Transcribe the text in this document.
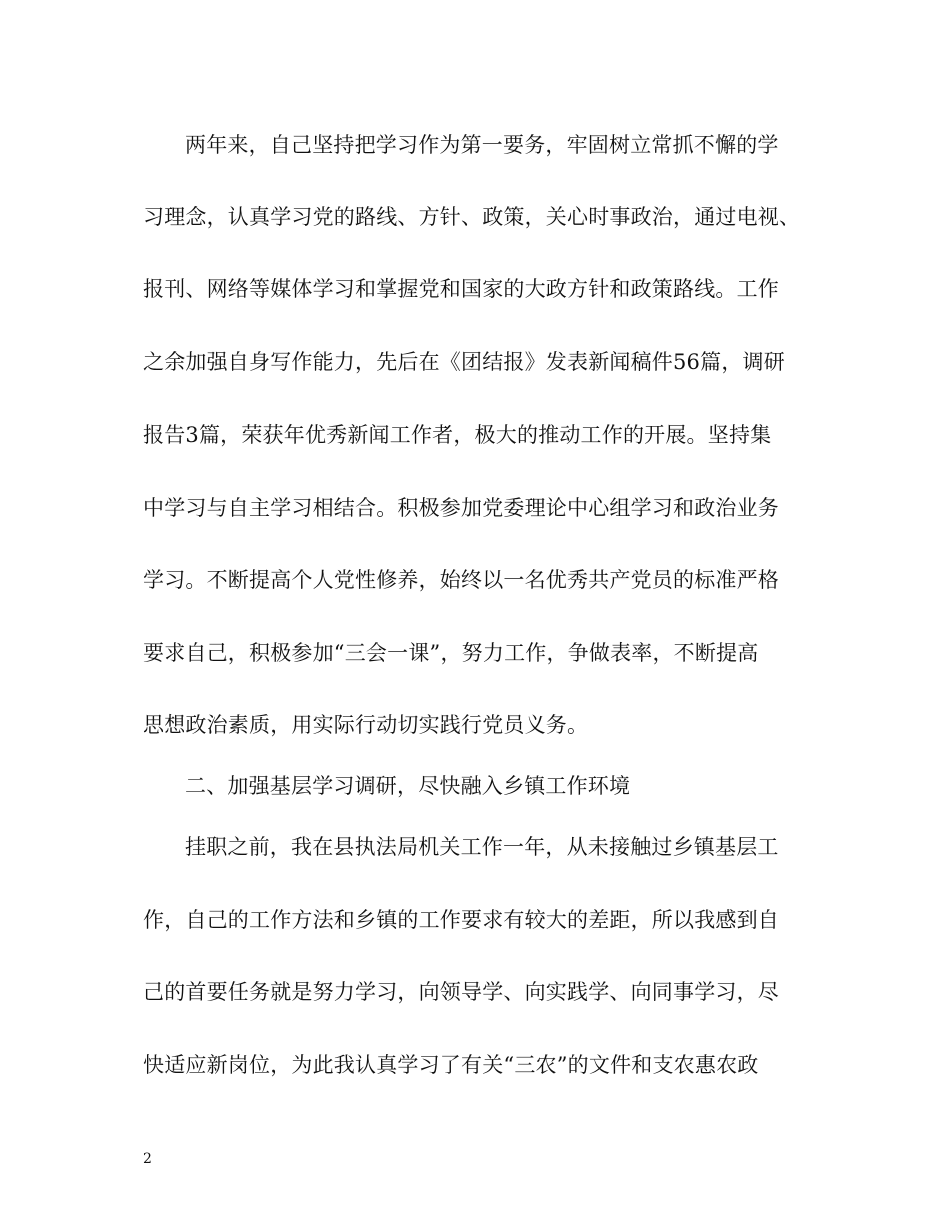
两年来，自己坚持把学习作为第一要务，牢固树立常抓不懈的学
习理念，认真学习党的路线、方针、政策，关心时事政治，通过电视、
报刊、网络等媒体学习和掌握党和国家的大政方针和政策路线。工作
之余加强自身写作能力，先后在《团结报》发表新闻稿件56篇，调研
报告3篇，荣获年优秀新闻工作者，极大的推动工作的开展。坚持集
中学习与自主学习相结合。积极参加党委理论中心组学习和政治业务
学习。不断提高个人党性修养，始终以一名优秀共产党员的标准严格
要求自己，积极参加“三会一课”，努力工作，争做表率，不断提高
思想政治素质，用实际行动切实践行党员义务。
二、加强基层学习调研，尽快融入乡镇工作环境
挂职之前，我在县执法局机关工作一年，从未接触过乡镇基层工
作，自己的工作方法和乡镇的工作要求有较大的差距，所以我感到自
己的首要任务就是努力学习，向领导学、向实践学、向同事学习，尽
快适应新岗位，为此我认真学习了有关“三农”的文件和支农惠农政
2
